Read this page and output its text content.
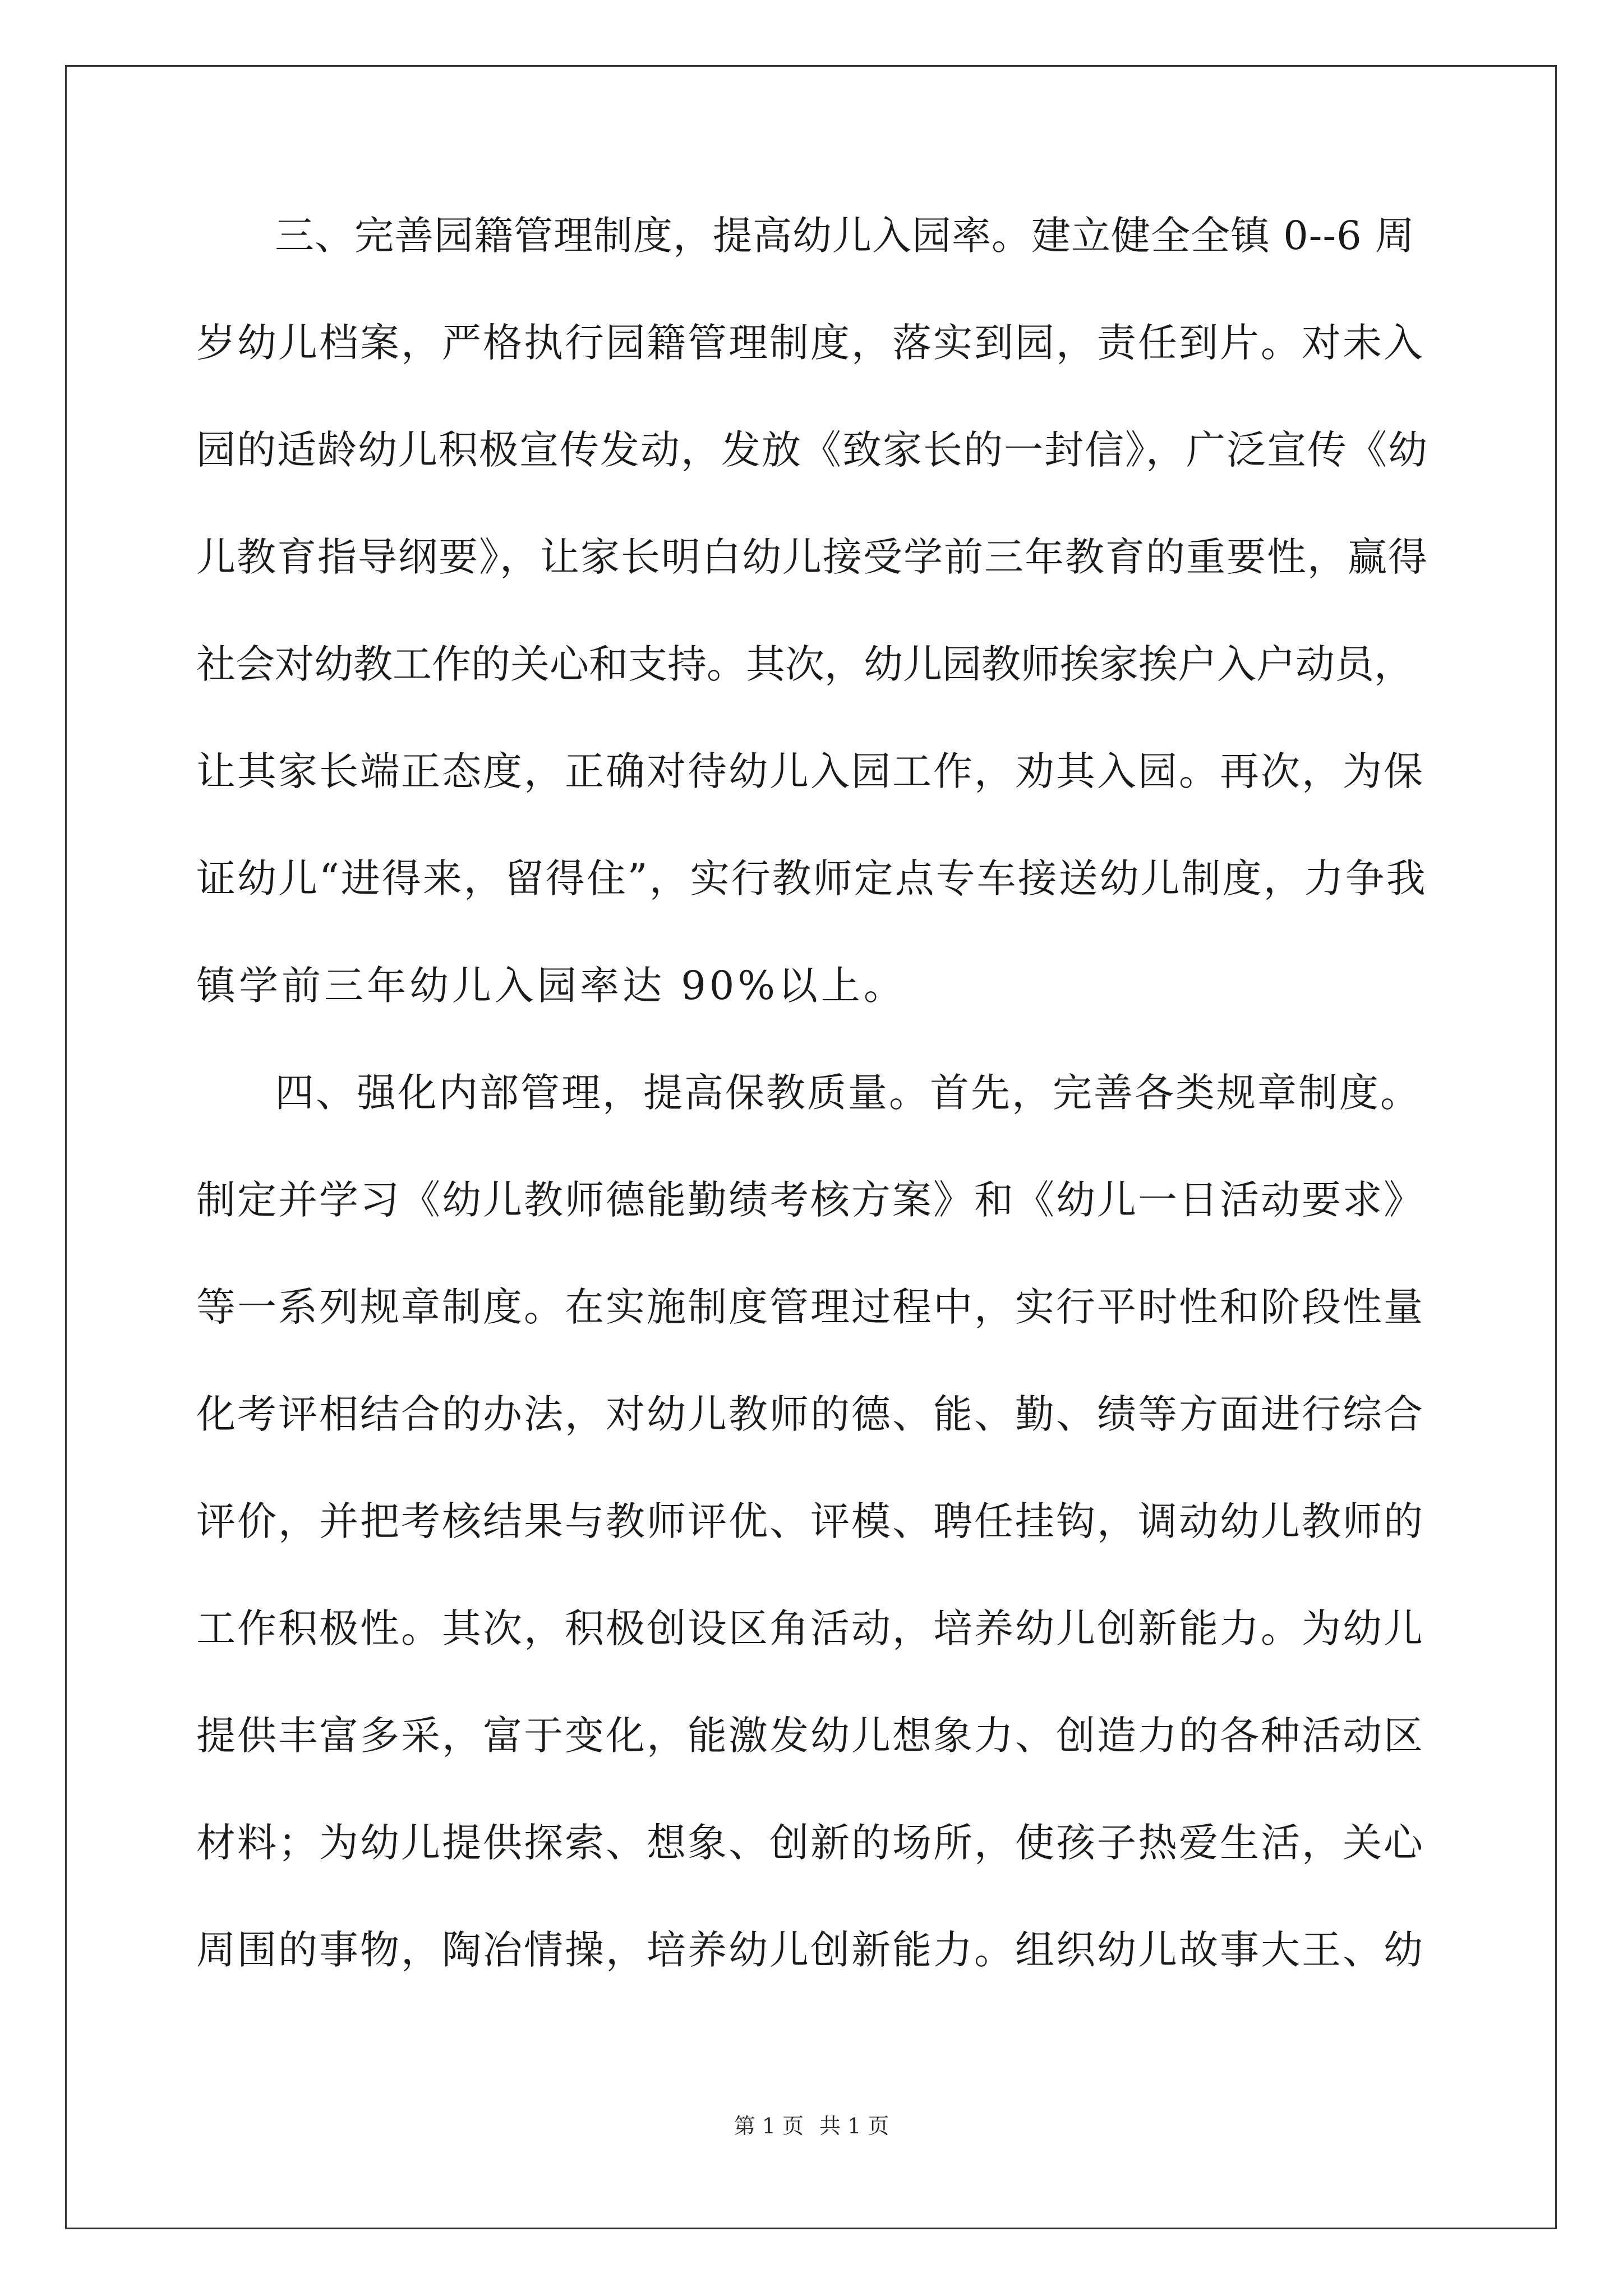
三、完善园籍管理制度，提高幼儿入园率。建立健全全镇 0--6 周
岁幼儿档案，严格执行园籍管理制度，落实到园，责任到片。对未入
园的适龄幼儿积极宣传发动，发放《致家长的一封信》，广泛宣传《幼
儿教育指导纲要》，让家长明白幼儿接受学前三年教育的重要性，赢得
社会对幼教工作的关心和支持。其次，幼儿园教师挨家挨户入户动员，
让其家长端正态度，正确对待幼儿入园工作，劝其入园。再次，为保
证幼儿“进得来，留得住”，实行教师定点专车接送幼儿制度，力争我
镇学前三年幼儿入园率达 90%以上。
四、强化内部管理，提高保教质量。首先，完善各类规章制度。
制定并学习《幼儿教师德能勤绩考核方案》和《幼儿一日活动要求》
等一系列规章制度。在实施制度管理过程中，实行平时性和阶段性量
化考评相结合的办法，对幼儿教师的德、能、勤、绩等方面进行综合
评价，并把考核结果与教师评优、评模、聘任挂钩，调动幼儿教师的
工作积极性。其次，积极创设区角活动，培养幼儿创新能力。为幼儿
提供丰富多采，富于变化，能激发幼儿想象力、创造力的各种活动区
材料；为幼儿提供探索、想象、创新的场所，使孩子热爱生活，关心
周围的事物，陶冶情操，培养幼儿创新能力。组织幼儿故事大王、幼
第 1 页 共 1 页
